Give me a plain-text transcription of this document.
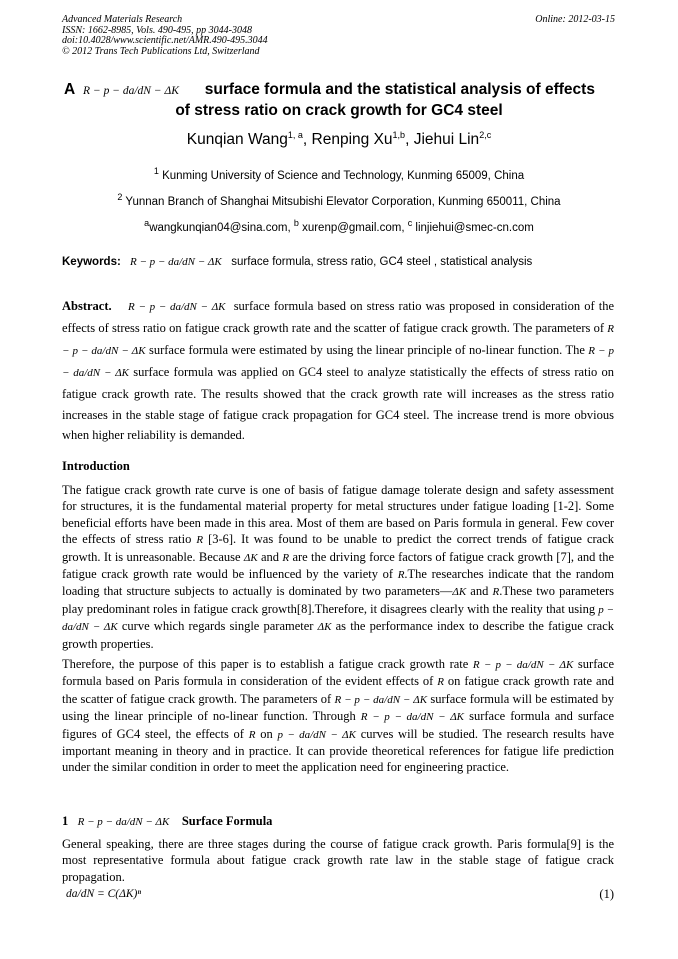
Advanced Materials Research
ISSN: 1662-8985, Vols. 490-495, pp 3044-3048
doi:10.4028/www.scientific.net/AMR.490-495.3044
© 2012 Trans Tech Publications Ltd, Switzerland
Online: 2012-03-15
A R − p − da/dN − ΔK surface formula and the statistical analysis of effects
of stress ratio on crack growth for GC4 steel
Kunqian Wang$^{1, a}$, Renping Xu$^{1,b}$, Jiehui Lin$^{2,c}$
$^1$ Kunming University of Science and Technology, Kunming 65009, China
$^2$ Yunnan Branch of Shanghai Mitsubishi Elevator Corporation, Kunming 650011, China
$^a$wangkunqian04@sina.com, $^b$ xurenp@gmail.com, $^c$ linjiehui@smec-cn.com
Keywords: R − p − da/dN − ΔK surface formula, stress ratio, GC4 steel , statistical analysis
Abstract. R − p − da/dN − ΔK surface formula based on stress ratio was proposed in consideration of the effects of stress ratio on fatigue crack growth rate and the scatter of fatigue crack growth. The parameters of R − p − da/dN − ΔK surface formula were estimated by using the linear principle of no-linear function. The R − p − da/dN − ΔK surface formula was applied on GC4 steel to analyze statistically the effects of stress ratio on fatigue crack growth rate. The results showed that the crack growth rate will increases as the stress ratio increases in the stable stage of fatigue crack propagation for GC4 steel. The increase trend is more obvious when higher reliability is demanded.
Introduction
The fatigue crack growth rate curve is one of basis of fatigue damage tolerate design and safety assessment for structures, it is the fundamental material property for metal structures under fatigue loading [1-2]. Some beneficial efforts have been made in this area. Most of them are based on Paris formula in general. Few cover the effects of stress ratio R [3-6]. It was found to be unable to predict the correct trends of fatigue crack growth. It is unreasonable. Because ΔK and R are the driving force factors of fatigue crack growth [7], and the fatigue crack growth rate would be influenced by the variety of R.The researches indicate that the random loading that structure subjects to actually is dominated by two parameters—ΔK and R.These two parameters play predominant roles in fatigue crack growth[8].Therefore, it disagrees clearly with the reality that using p − da/dN − ΔK curve which regards single parameter ΔK as the performance index to describe the fatigue crack growth properties.
Therefore, the purpose of this paper is to establish a fatigue crack growth rate R − p − da/dN − ΔK surface formula based on Paris formula in consideration of the evident effects of R on fatigue crack growth rate and the scatter of fatigue crack growth. The parameters of R − p − da/dN − ΔK surface formula will be estimated by using the linear principle of no-linear function. Through R − p − da/dN − ΔK surface formula and surface figures of GC4 steel, the effects of R on p − da/dN − ΔK curves will be studied. The research results have important meaning in theory and in practice. It can provide theoretical references for fatigue life prediction under the similar condition in order to meet the application need for engineering practice.
1 R − p − da/dN − ΔK Surface Formula
General speaking, there are three stages during the course of fatigue crack growth. Paris formula[9] is the most representative formula about fatigue crack growth rate law in the stable stage of fatigue crack propagation.
da/dN = C(ΔK)ⁿ	(1)
